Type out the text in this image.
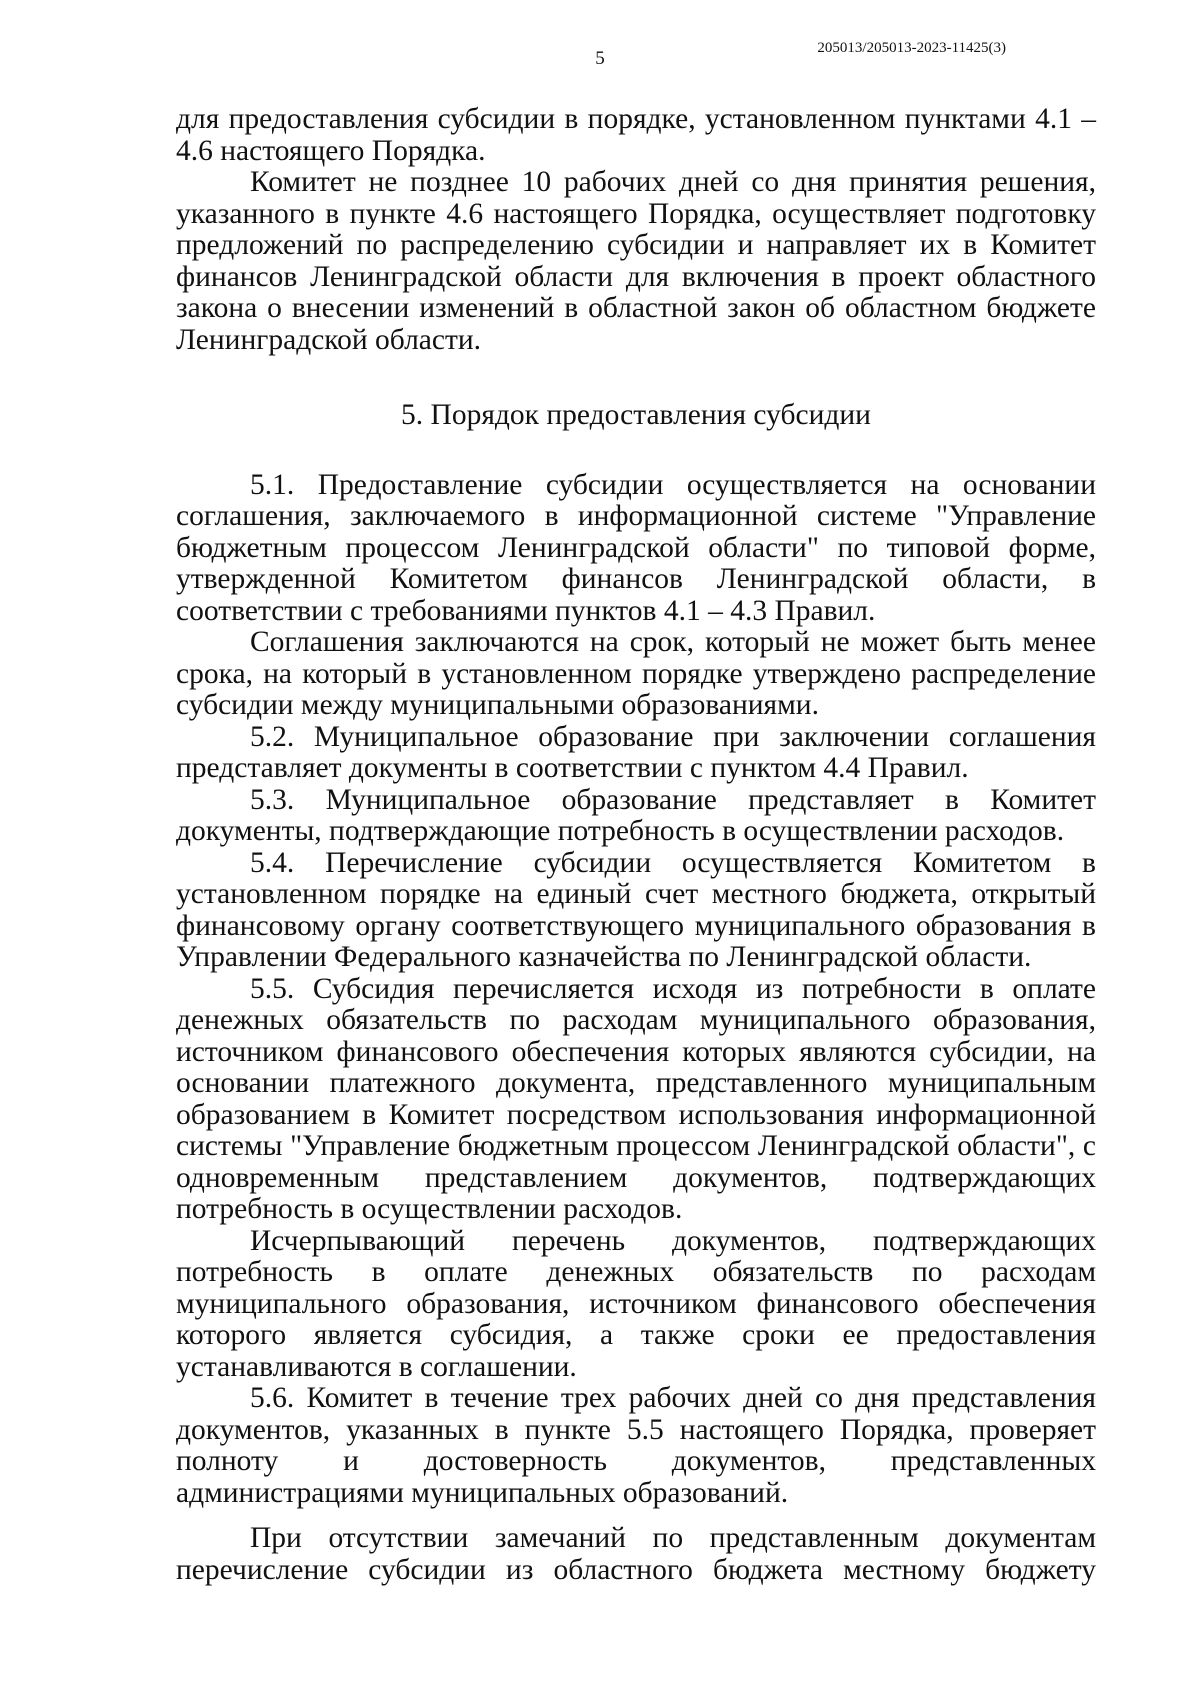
205013/205013-2023-11425(3)
5

для предоставления субсидии в порядке, установленном пунктами 4.1 – 4.6 настоящего Порядка.

Комитет не позднее 10 рабочих дней со дня принятия решения, указанного в пункте 4.6 настоящего Порядка, осуществляет подготовку предложений по распределению субсидии и направляет их в Комитет финансов Ленинградской области для включения в проект областного закона о внесении изменений в областной закон об областном бюджете Ленинградской области.

5. Порядок предоставления субсидии

5.1. Предоставление субсидии осуществляется на основании соглашения, заключаемого в информационной системе "Управление бюджетным процессом Ленинградской области" по типовой форме, утвержденной Комитетом финансов Ленинградской области, в соответствии с требованиями пунктов 4.1 – 4.3 Правил.

Соглашения заключаются на срок, который не может быть менее срока, на который в установленном порядке утверждено распределение субсидии между муниципальными образованиями.

5.2. Муниципальное образование при заключении соглашения представляет документы в соответствии с пунктом 4.4 Правил.

5.3. Муниципальное образование представляет в Комитет документы, подтверждающие потребность в осуществлении расходов.

5.4. Перечисление субсидии осуществляется Комитетом в установленном порядке на единый счет местного бюджета, открытый финансовому органу соответствующего муниципального образования в Управлении Федерального казначейства по Ленинградской области.

5.5. Субсидия перечисляется исходя из потребности в оплате денежных обязательств по расходам муниципального образования, источником финансового обеспечения которых являются субсидии, на основании платежного документа, представленного муниципальным образованием в Комитет посредством использования информационной системы "Управление бюджетным процессом Ленинградской области", с одновременным представлением документов, подтверждающих потребность в осуществлении расходов.

Исчерпывающий перечень документов, подтверждающих потребность в оплате денежных обязательств по расходам муниципального образования, источником финансового обеспечения которого является субсидия, а также сроки ее предоставления устанавливаются в соглашении.

5.6. Комитет в течение трех рабочих дней со дня представления документов, указанных в пункте 5.5 настоящего Порядка, проверяет полноту и достоверность документов, представленных администрациями муниципальных образований.

При отсутствии замечаний по представленным документам перечисление субсидии из областного бюджета местному бюджету
